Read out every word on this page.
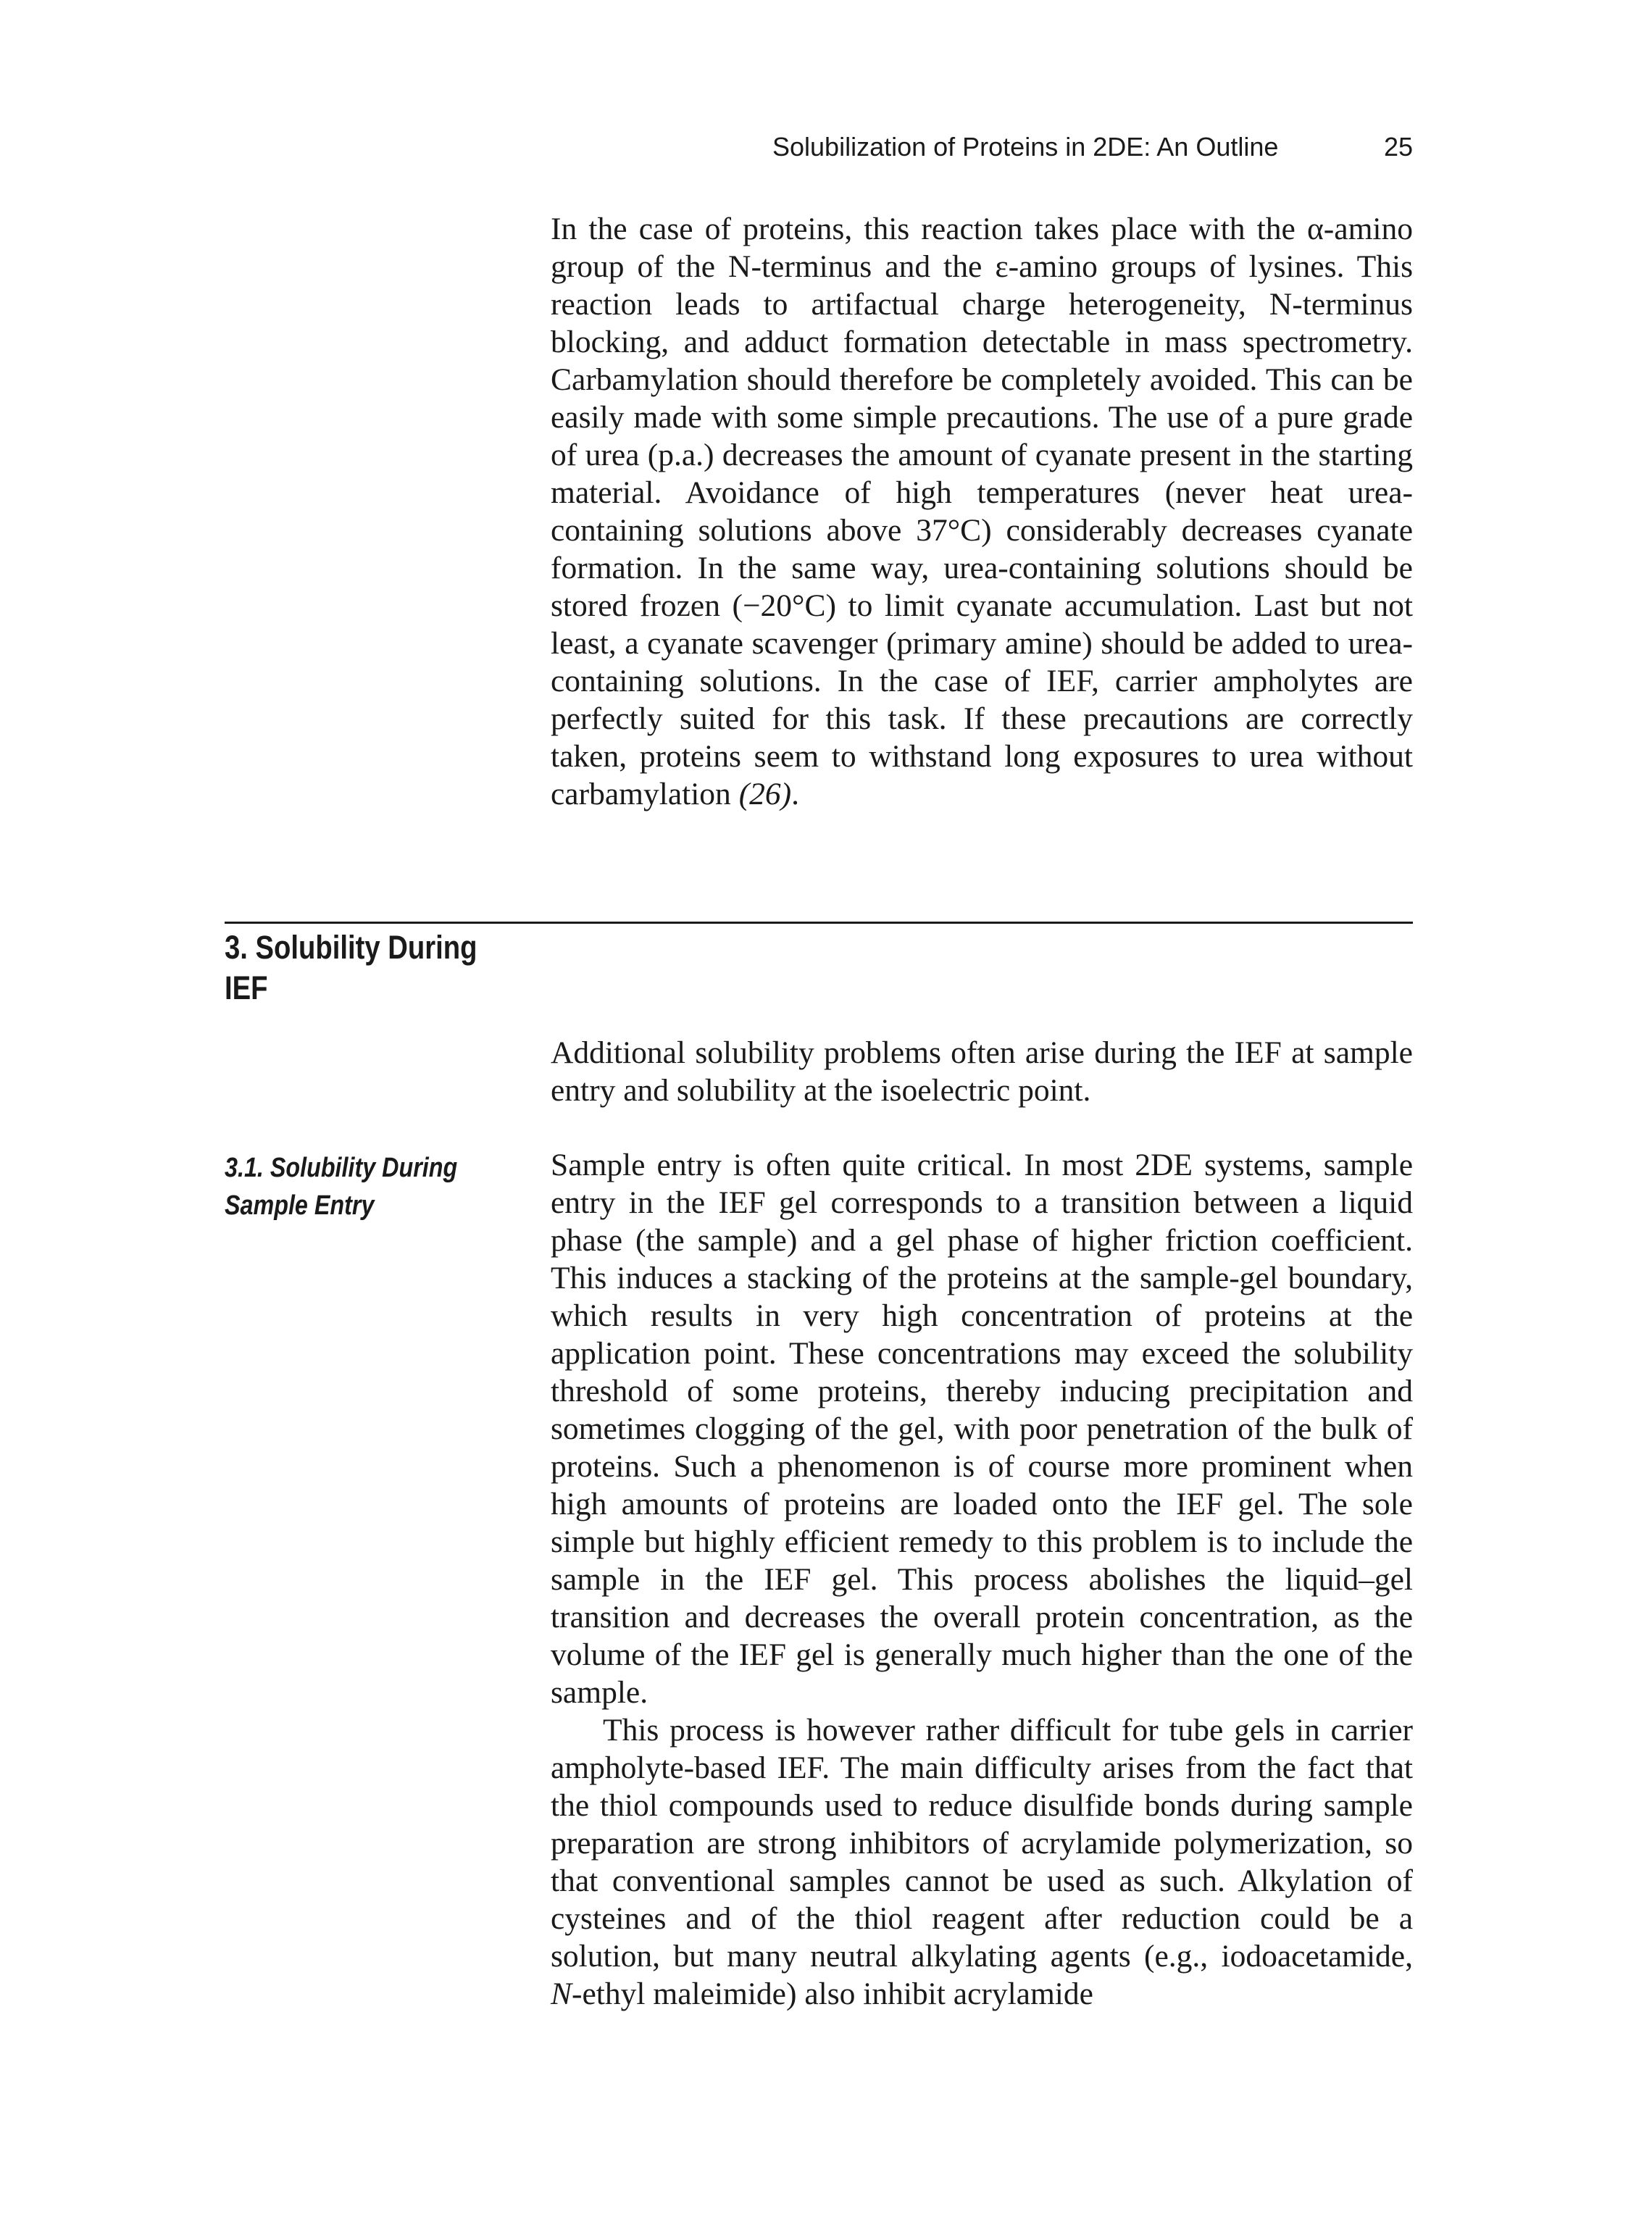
Solubilization of Proteins in 2DE: An Outline	25

In the case of proteins, this reaction takes place with the α-amino group of the N-terminus and the ε-amino groups of lysines. This reaction leads to artifactual charge heterogeneity, N-terminus blocking, and adduct formation detectable in mass spectrometry. Carbamylation should therefore be completely avoided. This can be easily made with some simple precautions. The use of a pure grade of urea (p.a.) decreases the amount of cyanate present in the starting material. Avoidance of high temperatures (never heat urea-containing solutions above 37°C) considerably decreases cyanate formation. In the same way, urea-containing solutions should be stored frozen (−20°C) to limit cyanate accumulation. Last but not least, a cyanate scavenger (primary amine) should be added to urea-containing solutions. In the case of IEF, carrier ampholytes are perfectly suited for this task. If these precautions are correctly taken, proteins seem to withstand long exposures to urea without carbamylation (26).

3. Solubility During IEF

Additional solubility problems often arise during the IEF at sample entry and solubility at the isoelectric point.

3.1. Solubility During Sample Entry

Sample entry is often quite critical. In most 2DE systems, sample entry in the IEF gel corresponds to a transition between a liquid phase (the sample) and a gel phase of higher friction coefficient. This induces a stacking of the proteins at the sample-gel boundary, which results in very high concentration of proteins at the application point. These concentrations may exceed the solubility threshold of some proteins, thereby inducing precipitation and sometimes clogging of the gel, with poor penetration of the bulk of proteins. Such a phenomenon is of course more prominent when high amounts of proteins are loaded onto the IEF gel. The sole simple but highly efficient remedy to this problem is to include the sample in the IEF gel. This process abolishes the liquid–gel transition and decreases the overall protein concentration, as the volume of the IEF gel is generally much higher than the one of the sample.

This process is however rather difficult for tube gels in carrier ampholyte-based IEF. The main difficulty arises from the fact that the thiol compounds used to reduce disulfide bonds during sample preparation are strong inhibitors of acrylamide polymerization, so that conventional samples cannot be used as such. Alkylation of cysteines and of the thiol reagent after reduction could be a solution, but many neutral alkylating agents (e.g., iodoacetamide, N-ethyl maleimide) also inhibit acrylamide
